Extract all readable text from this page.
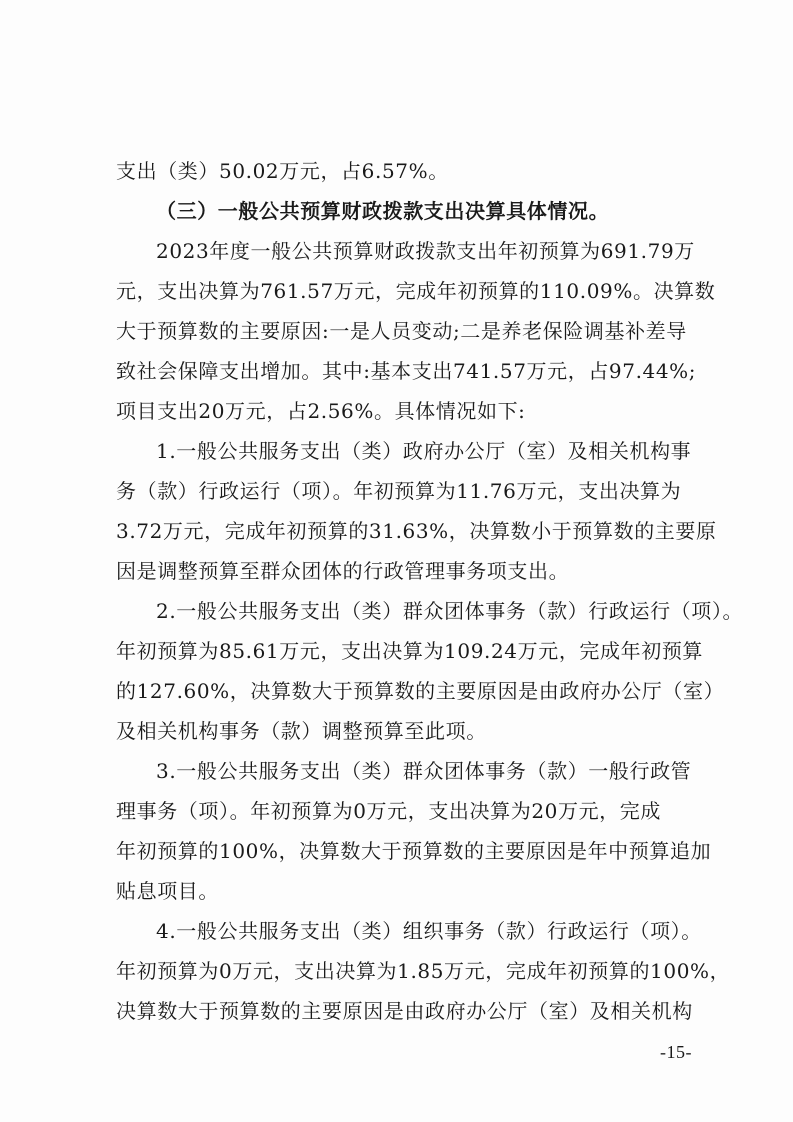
支出（类）50.02万元，占6.57%。
（三）一般公共预算财政拨款支出决算具体情况。
2023年度一般公共预算财政拨款支出年初预算为691.79万
元，支出决算为761.57万元，完成年初预算的110.09%。决算数
大于预算数的主要原因:一是人员变动;二是养老保险调基补差导
致社会保障支出增加。其中:基本支出741.57万元，占97.44%;
项目支出20万元，占2.56%。具体情况如下:
1.一般公共服务支出（类）政府办公厅（室）及相关机构事
务（款）行政运行（项）。年初预算为11.76万元，支出决算为
3.72万元，完成年初预算的31.63%，决算数小于预算数的主要原
因是调整预算至群众团体的行政管理事务项支出。
2.一般公共服务支出（类）群众团体事务（款）行政运行（项）。
年初预算为85.61万元，支出决算为109.24万元，完成年初预算
的127.60%，决算数大于预算数的主要原因是由政府办公厅（室）
及相关机构事务（款）调整预算至此项。
3.一般公共服务支出（类）群众团体事务（款）一般行政管
理事务（项）。年初预算为0万元，支出决算为20万元，完成
年初预算的100%，决算数大于预算数的主要原因是年中预算追加
贴息项目。
4.一般公共服务支出（类）组织事务（款）行政运行（项）。
年初预算为0万元，支出决算为1.85万元，完成年初预算的100%，
决算数大于预算数的主要原因是由政府办公厅（室）及相关机构
-15-
